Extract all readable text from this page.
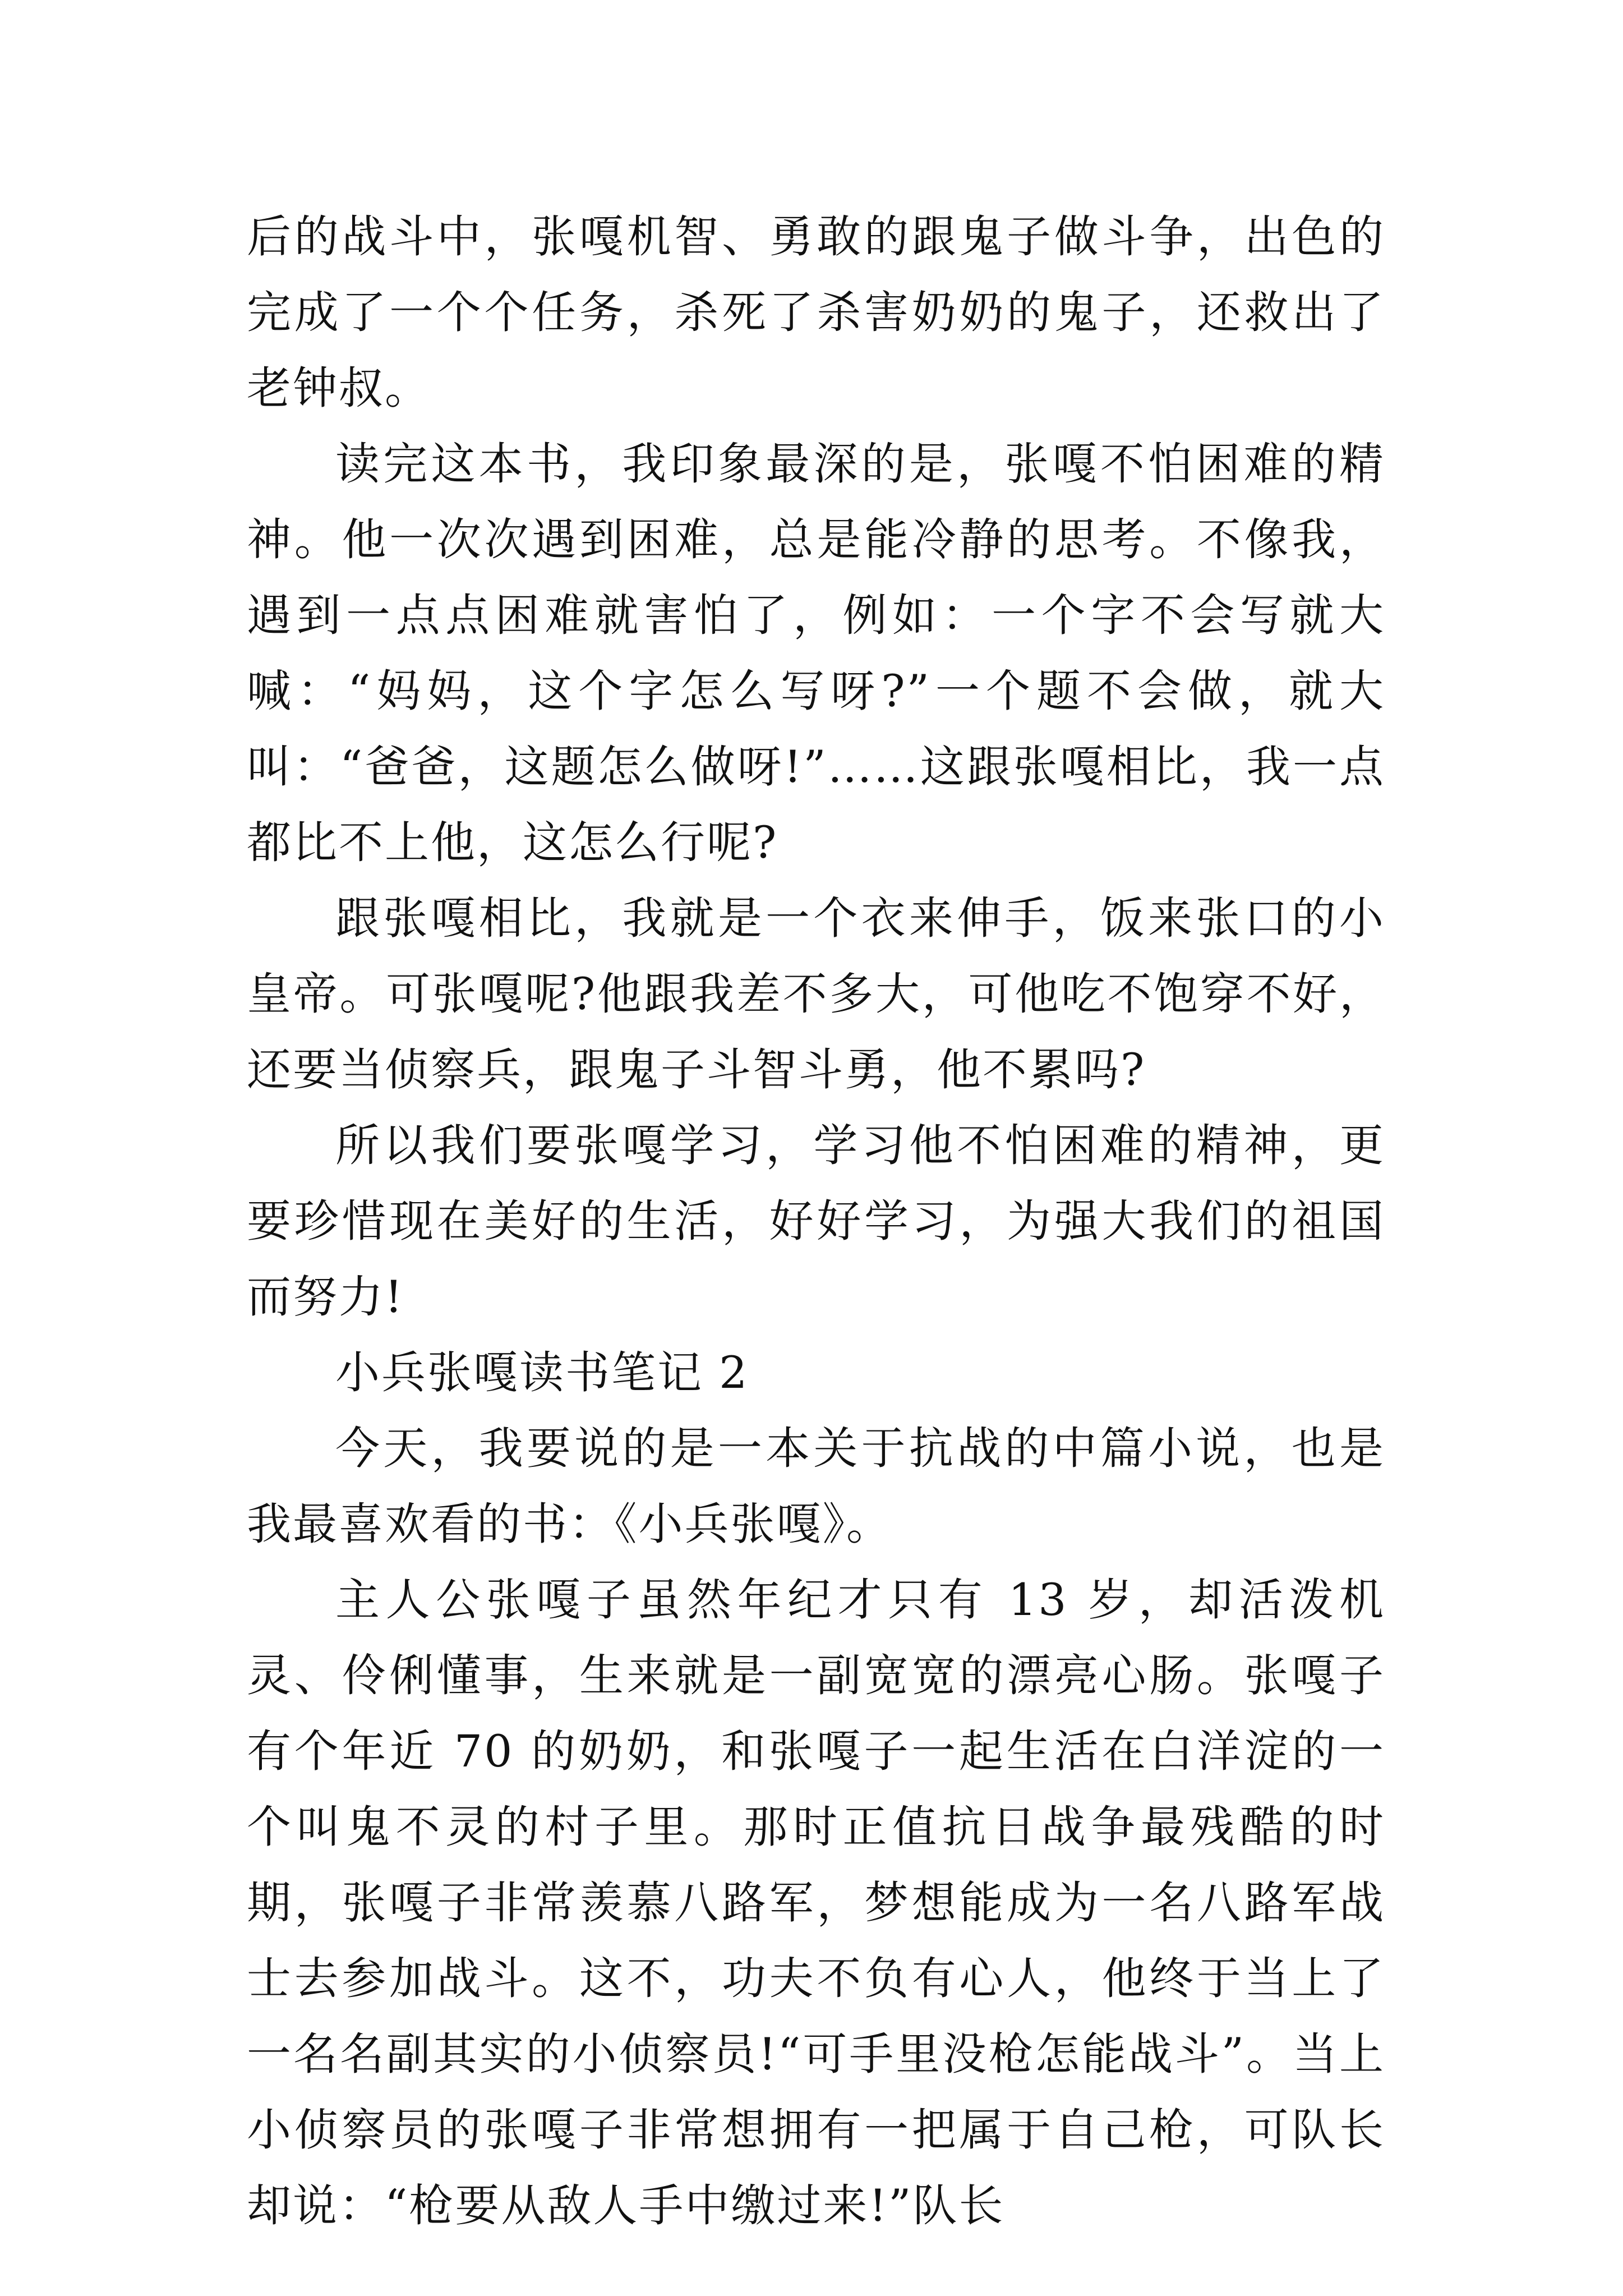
后的战斗中，张嘎机智、勇敢的跟鬼子做斗争，出色的完成了一个个任务，杀死了杀害奶奶的鬼子，还救出了老钟叔。

读完这本书，我印象最深的是，张嘎不怕困难的精神。他一次次遇到困难，总是能冷静的思考。不像我，遇到一点点困难就害怕了，例如：一个字不会写就大喊：“妈妈，这个字怎么写呀?”一个题不会做，就大叫：“爸爸，这题怎么做呀!”……这跟张嘎相比，我一点都比不上他，这怎么行呢?

跟张嘎相比，我就是一个衣来伸手，饭来张口的小皇帝。可张嘎呢?他跟我差不多大，可他吃不饱穿不好，还要当侦察兵，跟鬼子斗智斗勇，他不累吗?

所以我们要张嘎学习，学习他不怕困难的精神，更要珍惜现在美好的生活，好好学习，为强大我们的祖国而努力!

小兵张嘎读书笔记 2

今天，我要说的是一本关于抗战的中篇小说，也是我最喜欢看的书：《小兵张嘎》。

主人公张嘎子虽然年纪才只有 13 岁，却活泼机灵、伶俐懂事，生来就是一副宽宽的漂亮心肠。张嘎子有个年近 70 的奶奶，和张嘎子一起生活在白洋淀的一个叫鬼不灵的村子里。那时正值抗日战争最残酷的时期，张嘎子非常羡慕八路军，梦想能成为一名八路军战士去参加战斗。这不，功夫不负有心人，他终于当上了一名名副其实的小侦察员!“可手里没枪怎能战斗”。当上小侦察员的张嘎子非常想拥有一把属于自己枪，可队长却说：“枪要从敌人手中缴过来!”队长
